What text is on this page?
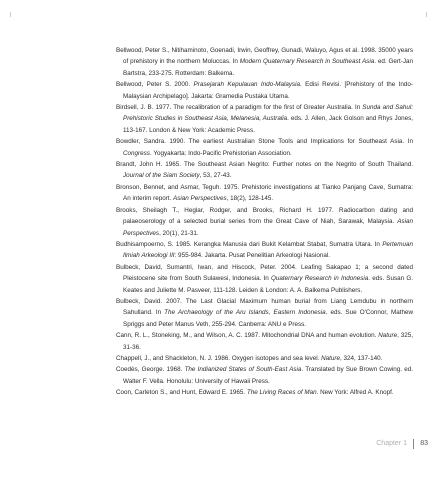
Bellwood, Peter S., Nitihaminoto, Goenadi, Irwin, Geoffrey, Gunadi, Waluyo, Agus et al. 1998. 35000 years of prehistory in the northern Moluccas. In Modern Quaternary Research in Southeast Asia. ed. Gert-Jan Bartstra, 233-275. Rotterdam: Balkema.

Bellwood, Peter S. 2000. Prasejarah Kepulauan Indo-Malaysia. Edisi Revisi. [Prehistory of the Indo-Malaysian Archipelago]. Jakarta: Gramedia Pustaka Utama.

Birdsell, J. B. 1977. The recalibration of a paradigm for the first of Greater Australia. In Sunda and Sahul: Prehistoric Studies in Southeast Asia, Melanesia, Australia. eds. J. Allen, Jack Golson and Rhys Jones, 113-167. London & New York: Academic Press.

Bowdler, Sandra. 1990. The earliest Australian Stone Tools and Implications for Southeast Asia. In Congress. Yogyakarta: Indo-Pacific Prehistorian Association.

Brandt, John H. 1965. The Southeast Asian Negrito: Further notes on the Negrito of South Thailand. Journal of the Siam Society, 53, 27-43.

Bronson, Bennet, and Asmar, Teguh. 1975. Prehistoric investigations at Tianko Panjang Cave, Sumatra: An interim report. Asian Perspectives, 18(2), 128-145.

Brooks, Sheilagh T., Heglar, Rodger, and Brooks, Richard H. 1977. Radiocarbon dating and palaeoserology of a selected burial series from the Great Cave of Niah, Sarawak, Malaysia. Asian Perspectives, 20(1), 21-31.

Budhisampoerno, S. 1985. Kerangka Manusia dari Bukit Kelambat Stabat, Sumatra Utara. In Pertemuan Ilmiah Arkeologi III: 955-984. Jakarta. Pusat Penelitian Arkeologi Nasional.

Bulbeck, David, Sumantri, Iwan, and Hiscock, Peter. 2004. Leafing Sakapao 1; a second dated Pleistocene site from South Sulawesi, Indonesia. In Quaternary Research in Indonesia. eds. Susan G. Keates and Juliette M. Pasveer, 111-128. Leiden & London: A. A. Balkema Publishers.

Bulbeck, David. 2007. The Last Glacial Maximum human burial from Liang Lemdubu in northern Sahulland. In The Archaeology of the Aru Islands, Eastern Indonesia. eds. Sue O'Connor, Mathew Spriggs and Peter Manus Veth, 255-294. Canberra: ANU e Press.

Cann, R. L., Stoneking, M., and Wilson, A. C. 1987. Mitochondrial DNA and human evolution. Nature, 325, 31-36.

Chappell, J., and Shackleton, N. J. 1986. Oxygen isotopes and sea level. Nature, 324, 137-140.

Coedès, George. 1968. The Indianized States of South-East Asia. Translated by Sue Brown Cowing. ed. Walter F. Vella. Honolulu: University of Hawaii Press.

Coon, Carleton S., and Hunt, Edward E. 1965. The Living Races of Man. New York: Alfred A. Knopf.

Chapter 1 83
